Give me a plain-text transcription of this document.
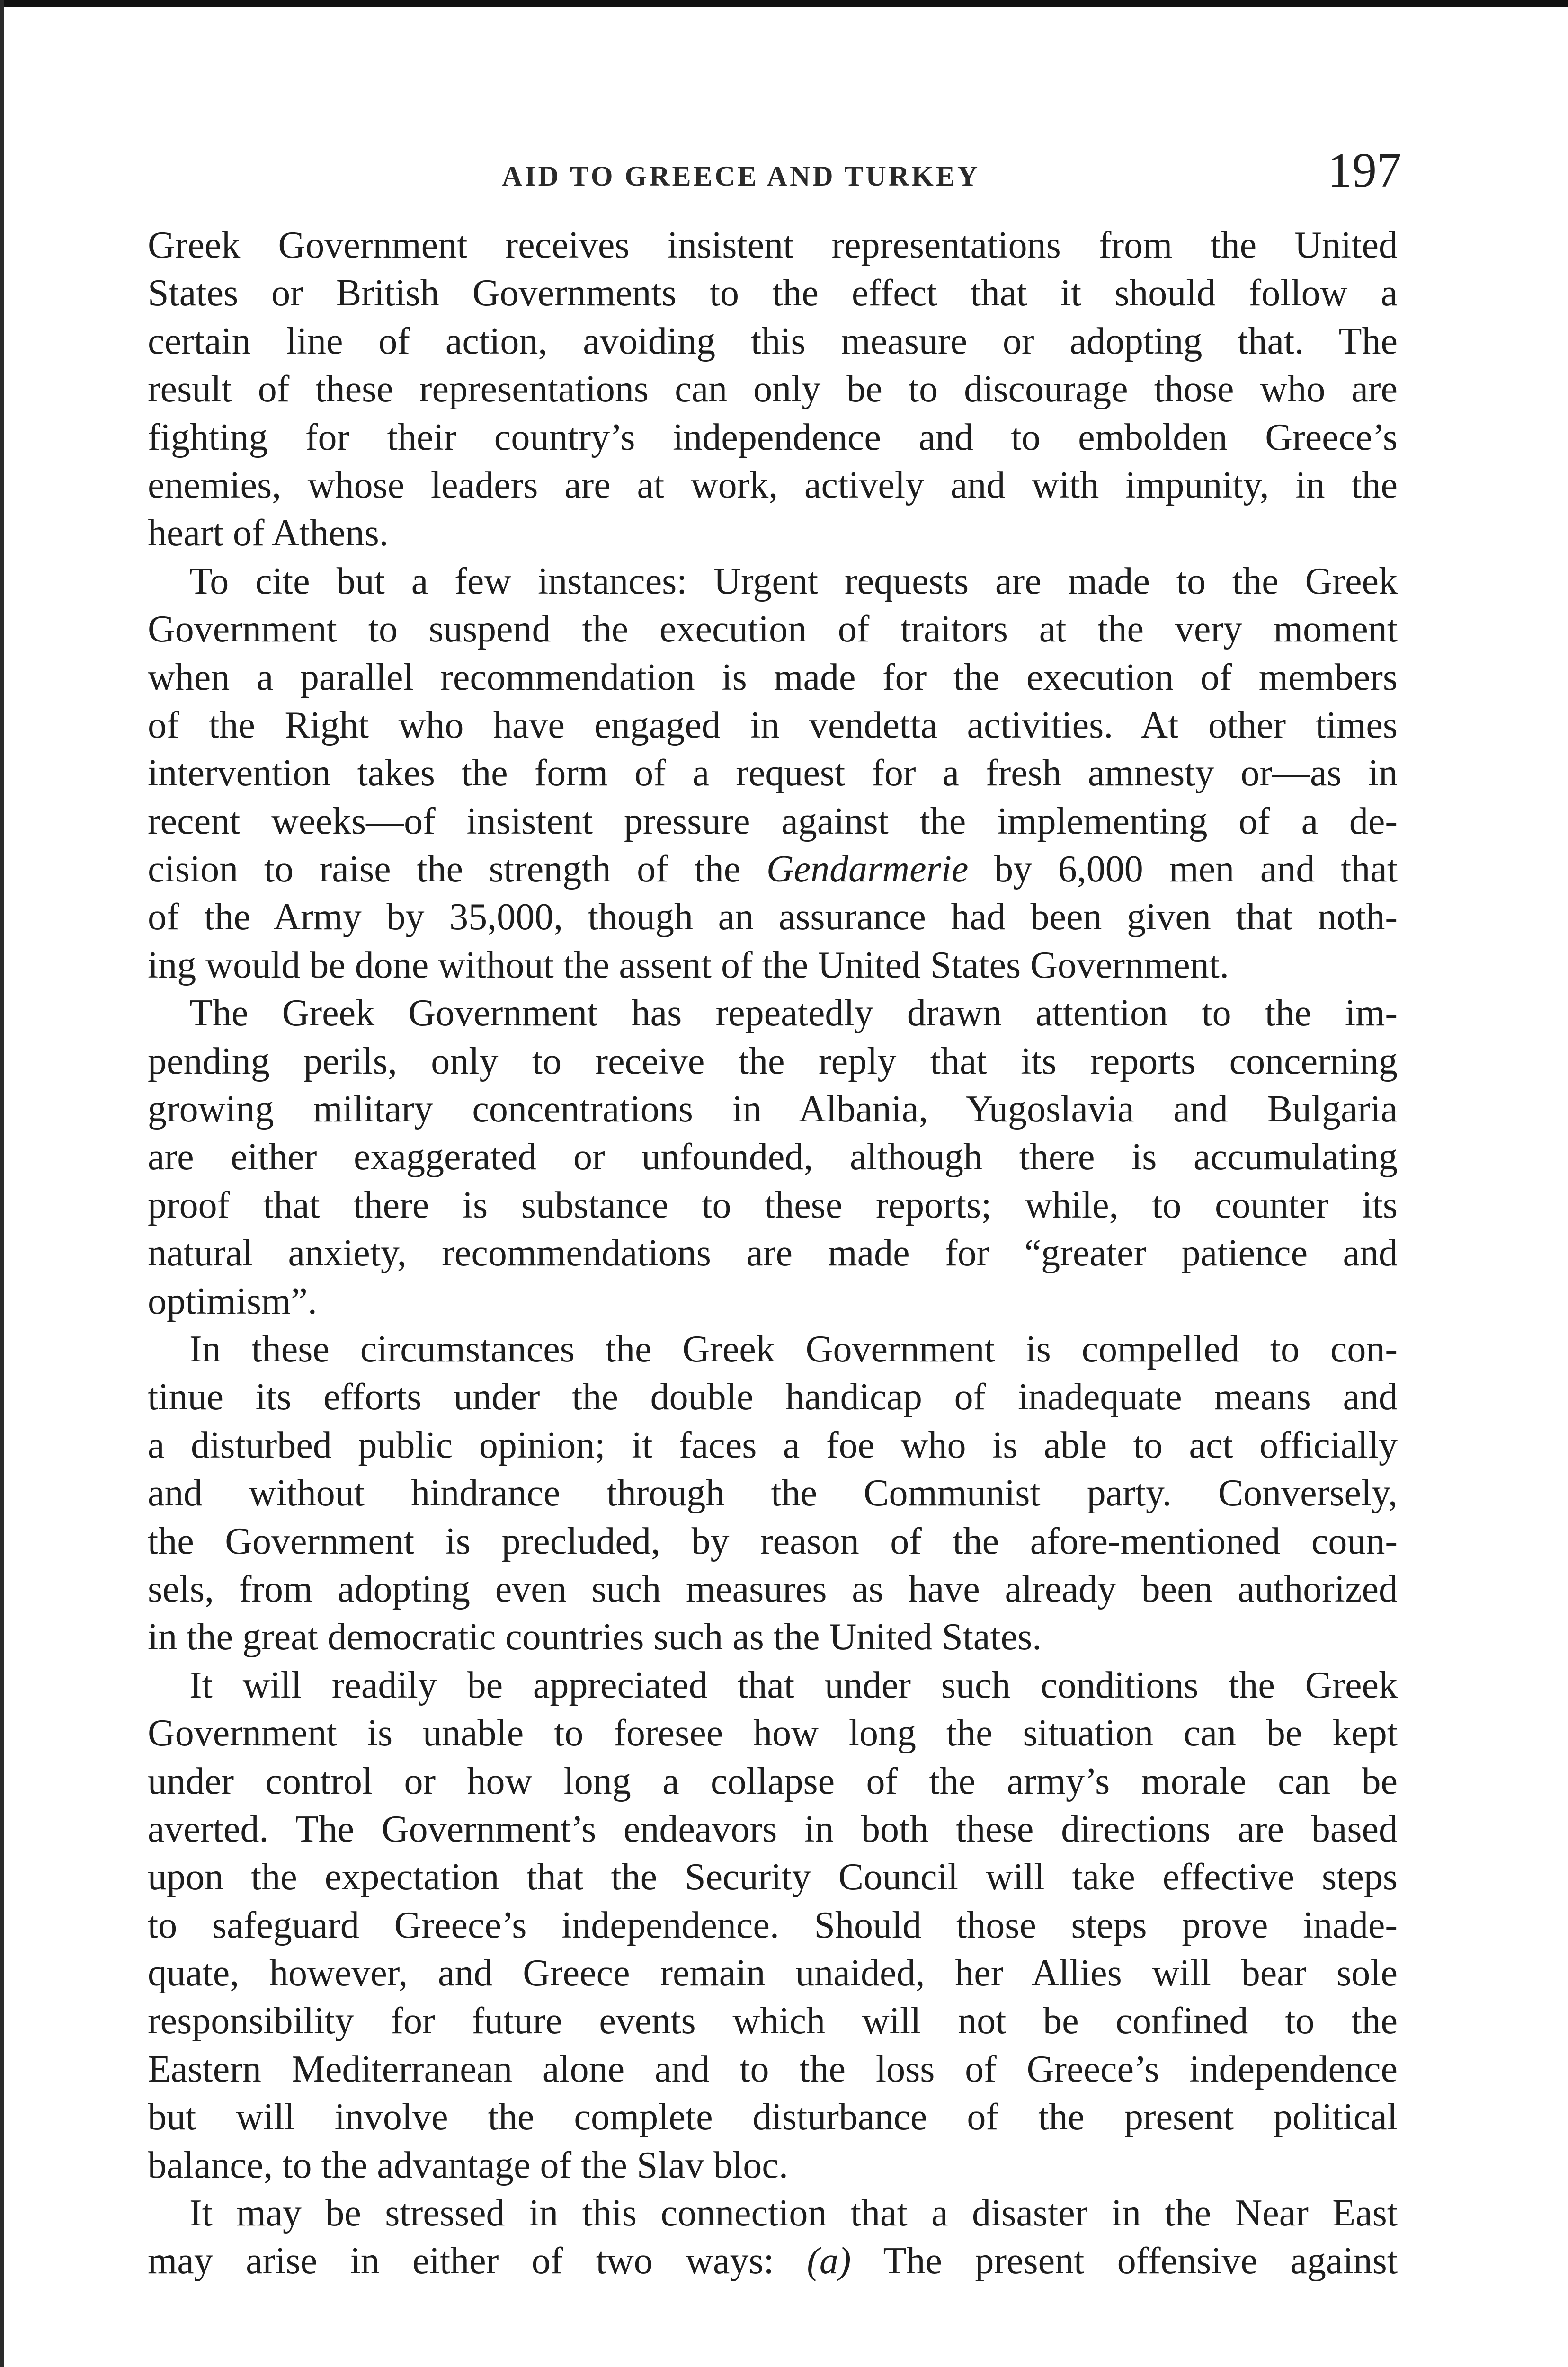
AID TO GREECE AND TURKEY	197
Greek Government receives insistent representations from the United
States or British Governments to the effect that it should follow a
certain line of action, avoiding this measure or adopting that. The
result of these representations can only be to discourage those who are
fighting for their country’s independence and to embolden Greece’s
enemies, whose leaders are at work, actively and with impunity, in the
heart of Athens.
To cite but a few instances: Urgent requests are made to the Greek
Government to suspend the execution of traitors at the very moment
when a parallel recommendation is made for the execution of members
of the Right who have engaged in vendetta activities. At other times
intervention takes the form of a request for a fresh amnesty or—as in
recent weeks—of insistent pressure against the implementing of a de-
cision to raise the strength of the Gendarmerie by 6,000 men and that
of the Army by 35,000, though an assurance had been given that noth-
ing would be done without the assent of the United States Government.
The Greek Government has repeatedly drawn attention to the im-
pending perils, only to receive the reply that its reports concerning
growing military concentrations in Albania, Yugoslavia and Bulgaria
are either exaggerated or unfounded, although there is accumulating
proof that there is substance to these reports; while, to counter its
natural anxiety, recommendations are made for “greater patience and
optimism”.
In these circumstances the Greek Government is compelled to con-
tinue its efforts under the double handicap of inadequate means and
a disturbed public opinion; it faces a foe who is able to act officially
and without hindrance through the Communist party. Conversely,
the Government is precluded, by reason of the afore-mentioned coun-
sels, from adopting even such measures as have already been authorized
in the great democratic countries such as the United States.
It will readily be appreciated that under such conditions the Greek
Government is unable to foresee how long the situation can be kept
under control or how long a collapse of the army’s morale can be
averted. The Government’s endeavors in both these directions are based
upon the expectation that the Security Council will take effective steps
to safeguard Greece’s independence. Should those steps prove inade-
quate, however, and Greece remain unaided, her Allies will bear sole
responsibility for future events which will not be confined to the
Eastern Mediterranean alone and to the loss of Greece’s independence
but will involve the complete disturbance of the present political
balance, to the advantage of the Slav bloc.
It may be stressed in this connection that a disaster in the Near East
may arise in either of two ways: (a) The present offensive against
